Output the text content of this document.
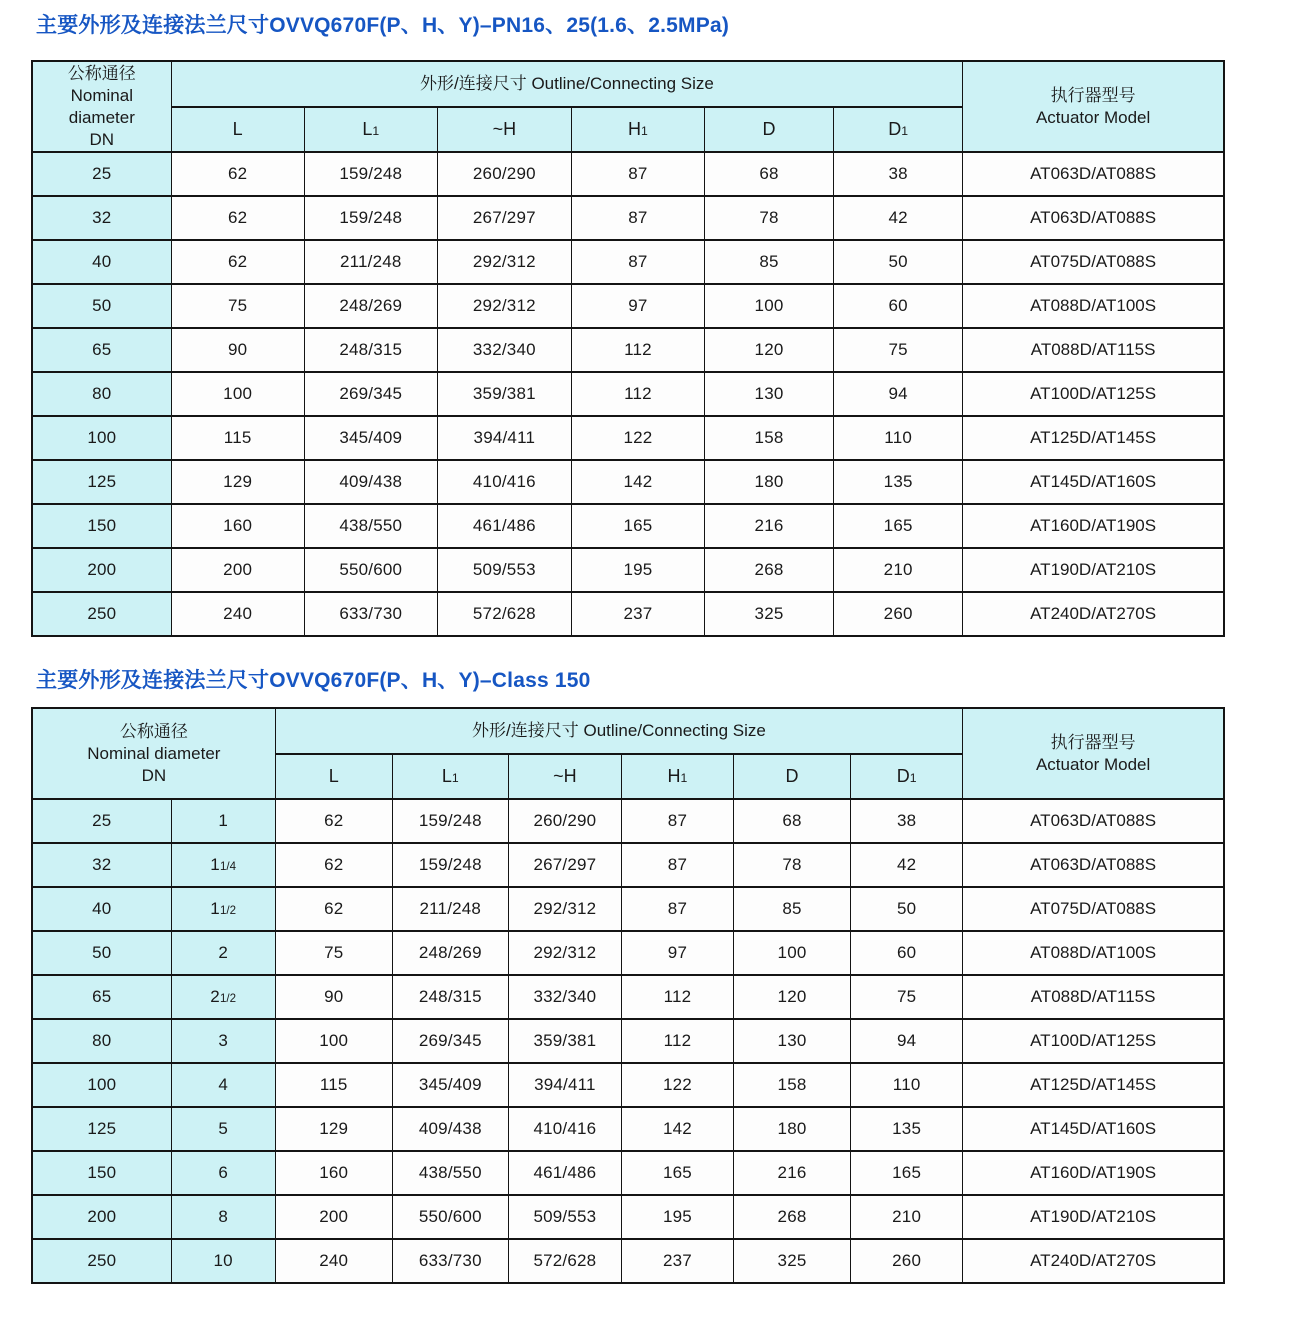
主要外形及连接法兰尺寸OVVQ670F(P、H、Y)–PN16、25(1.6、2.5MPa)
公称通径
Nominal
diameter
DN
	外形/连接尺寸 Outline/Connecting Size	
执行器型号
Actuator Model

	L	L1	~H	H1	D	D1	
25	62	159/248	260/290	87	68	38	AT063D/AT088S
32	62	159/248	267/297	87	78	42	AT063D/AT088S
40	62	211/248	292/312	87	85	50	AT075D/AT088S
50	75	248/269	292/312	97	100	60	AT088D/AT100S
65	90	248/315	332/340	112	120	75	AT088D/AT115S
80	100	269/345	359/381	112	130	94	AT100D/AT125S
100	115	345/409	394/411	122	158	110	AT125D/AT145S
125	129	409/438	410/416	142	180	135	AT145D/AT160S
150	160	438/550	461/486	165	216	165	AT160D/AT190S
200	200	550/600	509/553	195	268	210	AT190D/AT210S
250	240	633/730	572/628	237	325	260	AT240D/AT270S
主要外形及连接法兰尺寸OVVQ670F(P、H、Y)–Class 150
公称通径
Nominal diameter
DN
	外形/连接尺寸 Outline/Connecting Size	
执行器型号
Actuator Model

		L	L1	~H	H1	D	D1	
25	1	62	159/248	260/290	87	68	38	AT063D/AT088S
32	11/4	62	159/248	267/297	87	78	42	AT063D/AT088S
40	11/2	62	211/248	292/312	87	85	50	AT075D/AT088S
50	2	75	248/269	292/312	97	100	60	AT088D/AT100S
65	21/2	90	248/315	332/340	112	120	75	AT088D/AT115S
80	3	100	269/345	359/381	112	130	94	AT100D/AT125S
100	4	115	345/409	394/411	122	158	110	AT125D/AT145S
125	5	129	409/438	410/416	142	180	135	AT145D/AT160S
150	6	160	438/550	461/486	165	216	165	AT160D/AT190S
200	8	200	550/600	509/553	195	268	210	AT190D/AT210S
250	10	240	633/730	572/628	237	325	260	AT240D/AT270S
